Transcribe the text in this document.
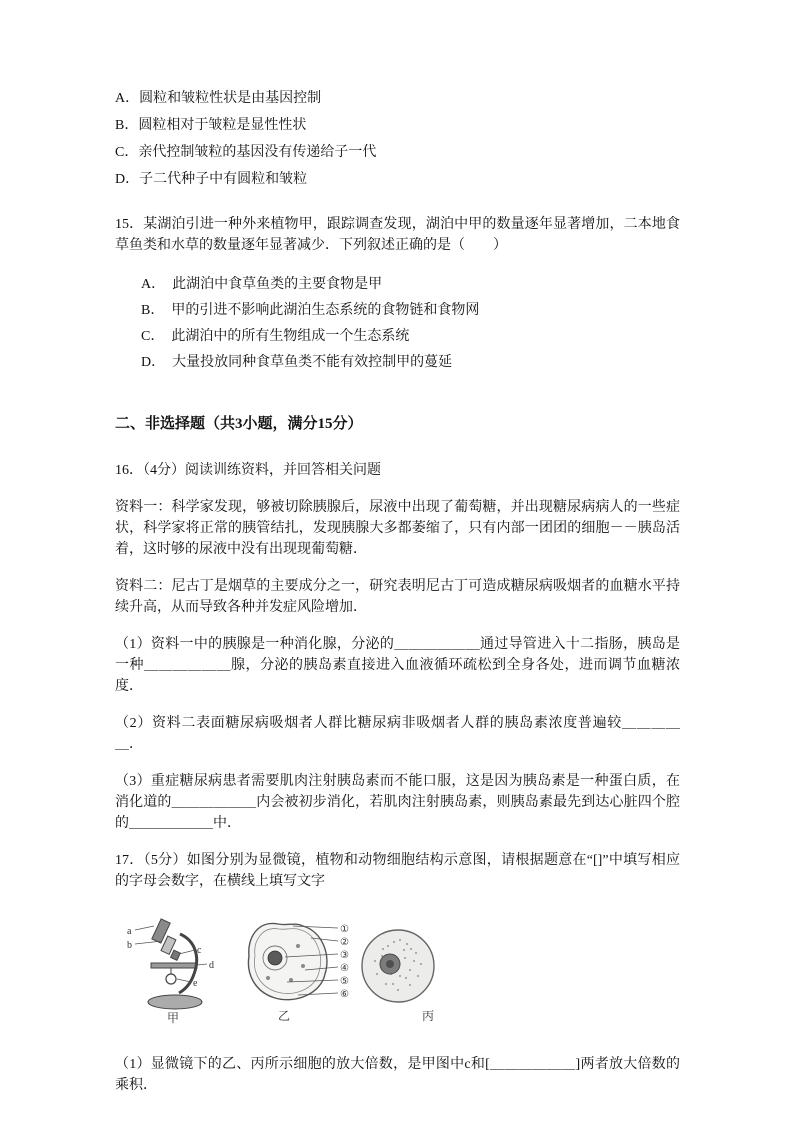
A．圆粒和皱粒性状是由基因控制

B．圆粒相对于皱粒是显性性状

C．亲代控制皱粒的基因没有传递给子一代

D．子二代种子中有圆粒和皱粒

15．某湖泊引进一种外来植物甲，跟踪调查发现，湖泊中甲的数量逐年显著增加，二本地食草鱼类和水草的数量逐年显著减少．下列叙述正确的是（　　）

A．　此湖泊中食草鱼类的主要食物是甲

B．　甲的引进不影响此湖泊生态系统的食物链和食物网

C．　此湖泊中的所有生物组成一个生态系统

D．　大量投放同种食草鱼类不能有效控制甲的蔓延

二、非选择题（共3小题，满分15分）

16．（4分）阅读训练资料，并回答相关问题

资料一：科学家发现，够被切除胰腺后，尿液中出现了葡萄糖，并出现糖尿病病人的一些症状，科学家将正常的胰管结扎，发现胰腺大多都萎缩了，只有内部一团团的细胞－－胰岛活着，这时够的尿液中没有出现现葡萄糖．

资料二：尼古丁是烟草的主要成分之一，研究表明尼古丁可造成糖尿病吸烟者的血糖水平持续升高，从而导致各种并发症风险增加．

（1）资料一中的胰腺是一种消化腺，分泌的＿＿＿＿＿＿通过导管进入十二指肠，胰岛是一种＿＿＿＿＿＿腺，分泌的胰岛素直接进入血液循环疏松到全身各处，进而调节血糖浓度．

（2）资料二表面糖尿病吸烟者人群比糖尿病非吸烟者人群的胰岛素浓度普遍较＿＿＿＿＿．

（3）重症糖尿病患者需要肌肉注射胰岛素而不能口服，这是因为胰岛素是一种蛋白质，在消化道的＿＿＿＿＿＿内会被初步消化，若肌肉注射胰岛素，则胰岛素最先到达心脏四个腔的＿＿＿＿＿＿中．

17．（5分）如图分别为显微镜，植物和动物细胞结构示意图，请根据题意在“[]”中填写相应的字母会数字，在横线上填写文字

a
b	c
d
e
甲
①
②
③
④
⑤
⑥
乙	丙

（1）显微镜下的乙、丙所示细胞的放大倍数，是甲图中c和[＿＿＿＿＿＿]两者放大倍数的乘积．
